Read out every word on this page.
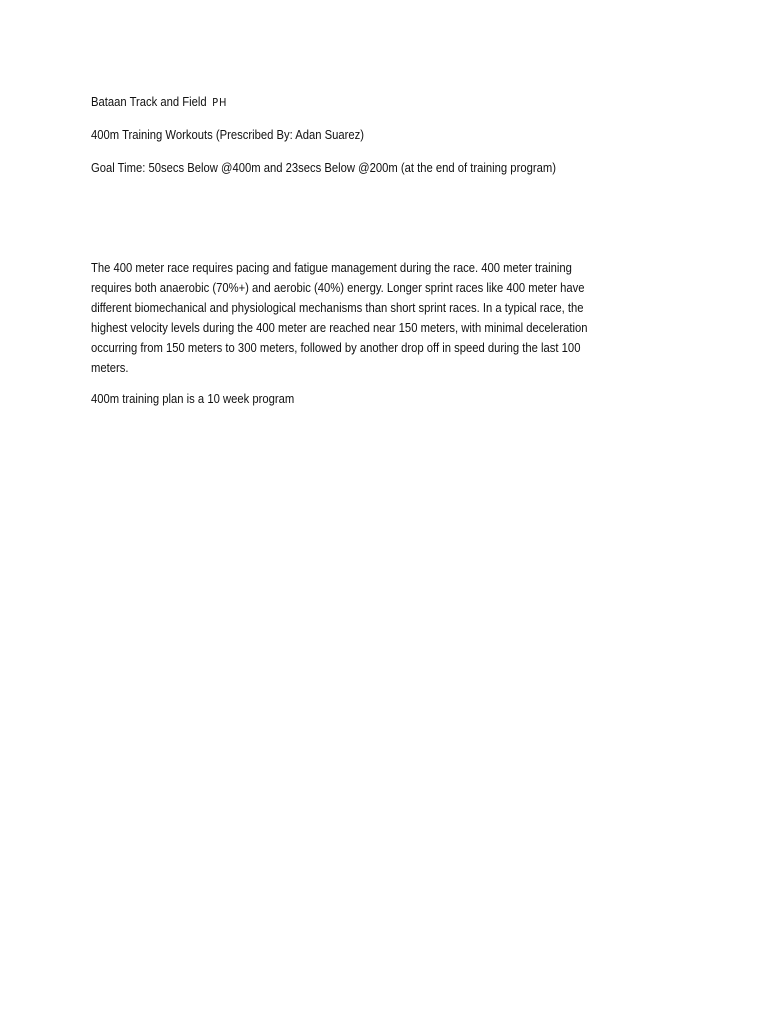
Bataan Track and Field PH
400m Training Workouts (Prescribed By: Adan Suarez)
Goal Time: 50secs Below @400m and 23secs Below @200m (at the end of training program)
The 400 meter race requires pacing and fatigue management during the race. 400 meter training
requires both anaerobic (70%+) and aerobic (40%) energy. Longer sprint races like 400 meter have
different biomechanical and physiological mechanisms than short sprint races. In a typical race, the
highest velocity levels during the 400 meter are reached near 150 meters, with minimal deceleration
occurring from 150 meters to 300 meters, followed by another drop off in speed during the last 100
meters.
400m training plan is a 10 week program
